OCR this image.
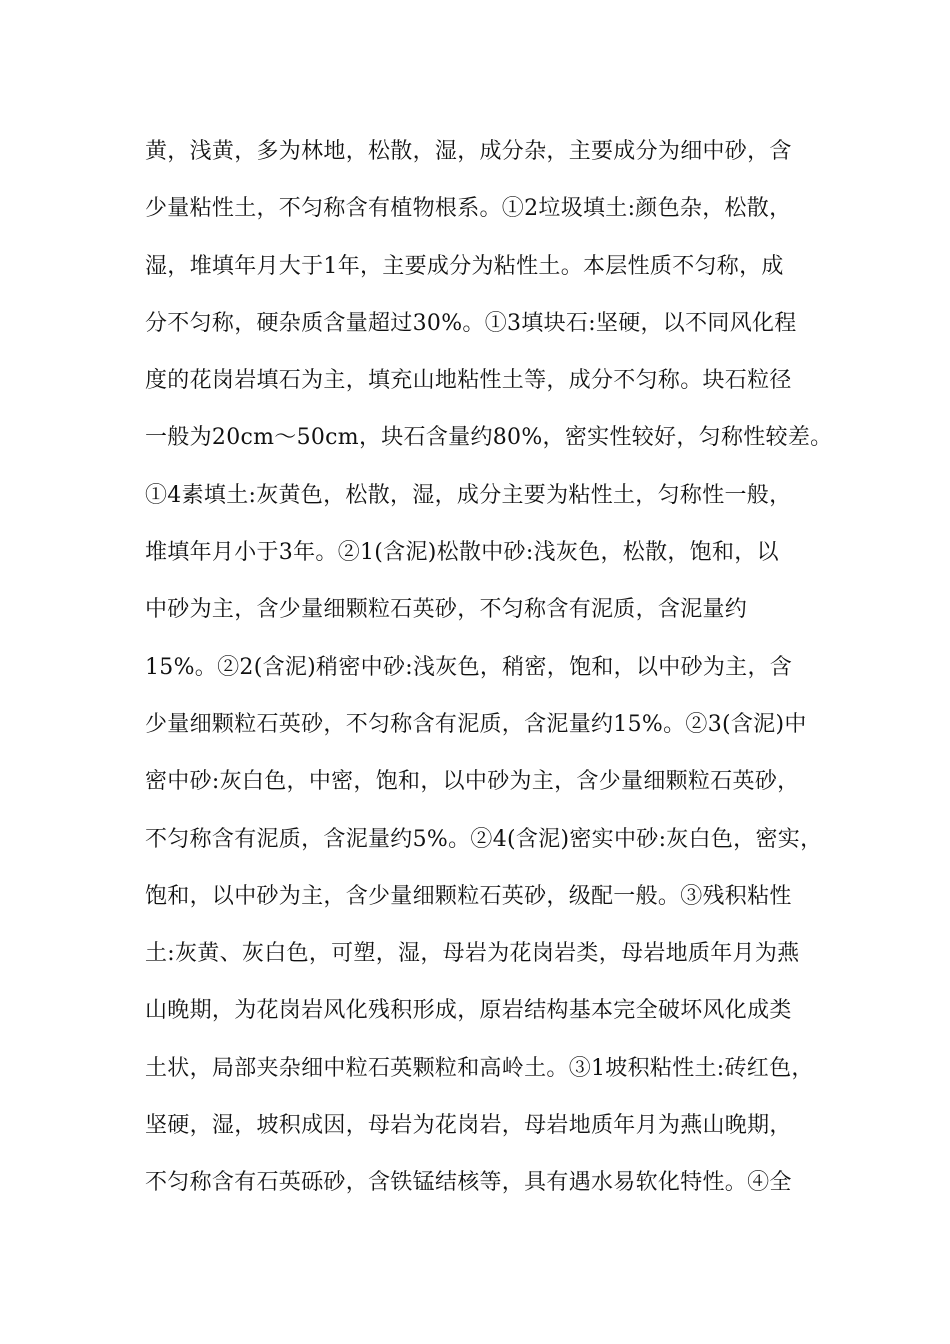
黄，浅黄，多为林地，松散，湿，成分杂，主要成分为细中砂，含
少量粘性土，不匀称含有植物根系。①2垃圾填土:颜色杂，松散，
湿，堆填年月大于1年，主要成分为粘性土。本层性质不匀称，成
分不匀称，硬杂质含量超过30%。①3填块石:坚硬，以不同风化程
度的花岗岩填石为主，填充山地粘性土等，成分不匀称。块石粒径
一般为20cm～50cm，块石含量约80%，密实性较好，匀称性较差。
①4素填土:灰黄色，松散，湿，成分主要为粘性土，匀称性一般，
堆填年月小于3年。②1(含泥)松散中砂:浅灰色，松散，饱和，以
中砂为主，含少量细颗粒石英砂，不匀称含有泥质，含泥量约
15%。②2(含泥)稍密中砂:浅灰色，稍密，饱和，以中砂为主，含
少量细颗粒石英砂，不匀称含有泥质，含泥量约15%。②3(含泥)中
密中砂:灰白色，中密，饱和，以中砂为主，含少量细颗粒石英砂，
不匀称含有泥质，含泥量约5%。②4(含泥)密实中砂:灰白色，密实，
饱和，以中砂为主，含少量细颗粒石英砂，级配一般。③残积粘性
土:灰黄、灰白色，可塑，湿，母岩为花岗岩类，母岩地质年月为燕
山晚期，为花岗岩风化残积形成，原岩结构基本完全破坏风化成类
土状，局部夹杂细中粒石英颗粒和高岭土。③1坡积粘性土:砖红色，
坚硬，湿，坡积成因，母岩为花岗岩，母岩地质年月为燕山晚期，
不匀称含有石英砾砂，含铁锰结核等，具有遇水易软化特性。④全
